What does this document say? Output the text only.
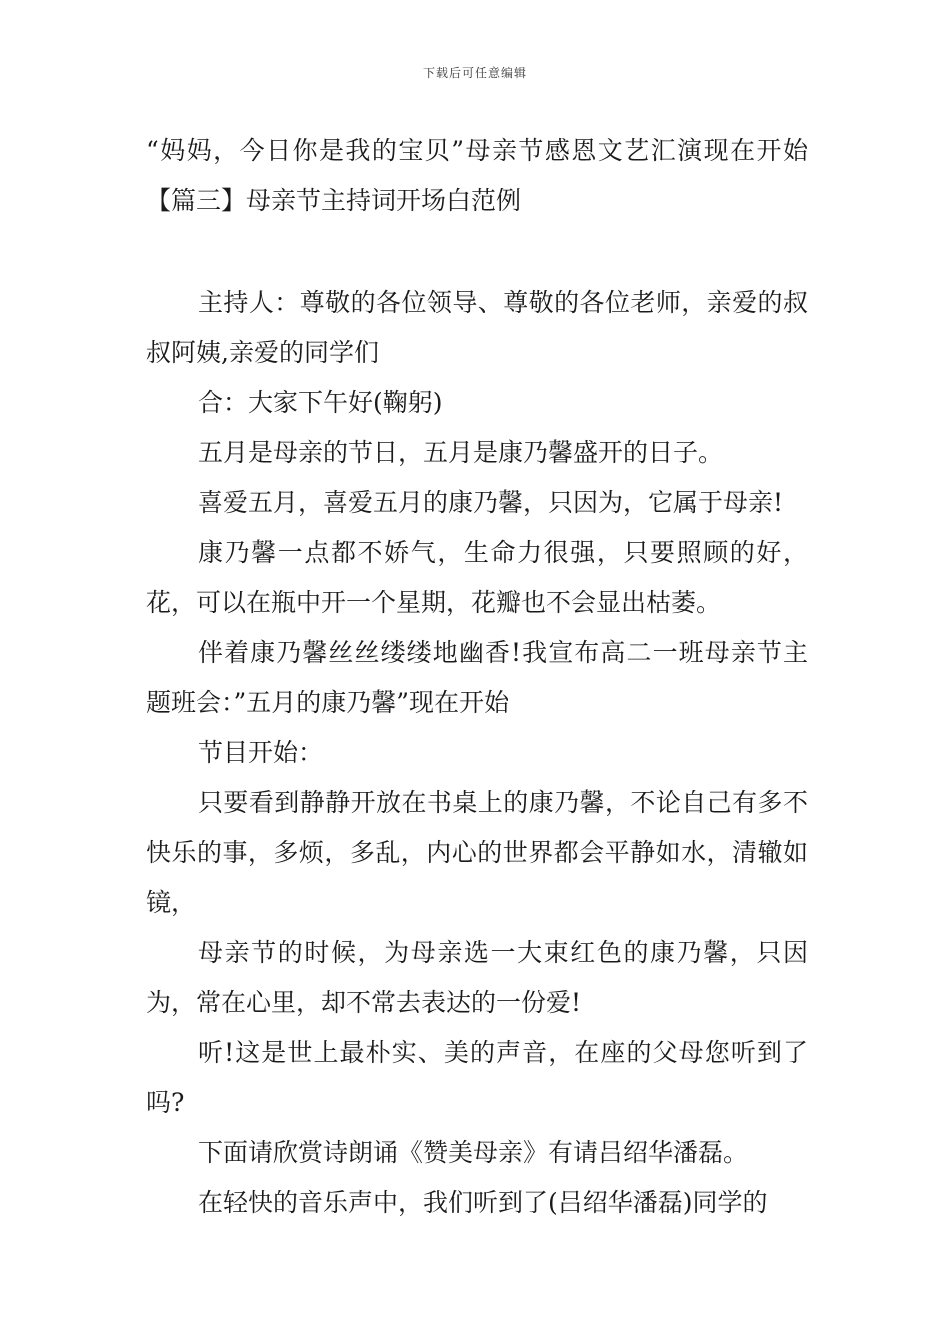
下载后可任意编辑

“妈妈，今日你是我的宝贝”母亲节感恩文艺汇演现在开始【篇三】母亲节主持词开场白范例

主持人：尊敬的各位领导、尊敬的各位老师，亲爱的叔叔阿姨,亲爱的同学们

合：大家下午好(鞠躬)

五月是母亲的节日，五月是康乃馨盛开的日子。

喜爱五月，喜爱五月的康乃馨，只因为，它属于母亲!

康乃馨一点都不娇气，生命力很强，只要照顾的好，花，可以在瓶中开一个星期，花瓣也不会显出枯萎。

伴着康乃馨丝丝缕缕地幽香!我宣布高二一班母亲节主题班会：”五月的康乃馨”现在开始

节目开始：

只要看到静静开放在书桌上的康乃馨，不论自己有多不快乐的事，多烦，多乱，内心的世界都会平静如水，清辙如镜，

母亲节的时候，为母亲选一大束红色的康乃馨，只因为，常在心里，却不常去表达的一份爱!

听!这是世上最朴实、美的声音，在座的父母您听到了吗?

下面请欣赏诗朗诵《赞美母亲》有请吕绍华潘磊。

在轻快的音乐声中，我们听到了(吕绍华潘磊)同学的
